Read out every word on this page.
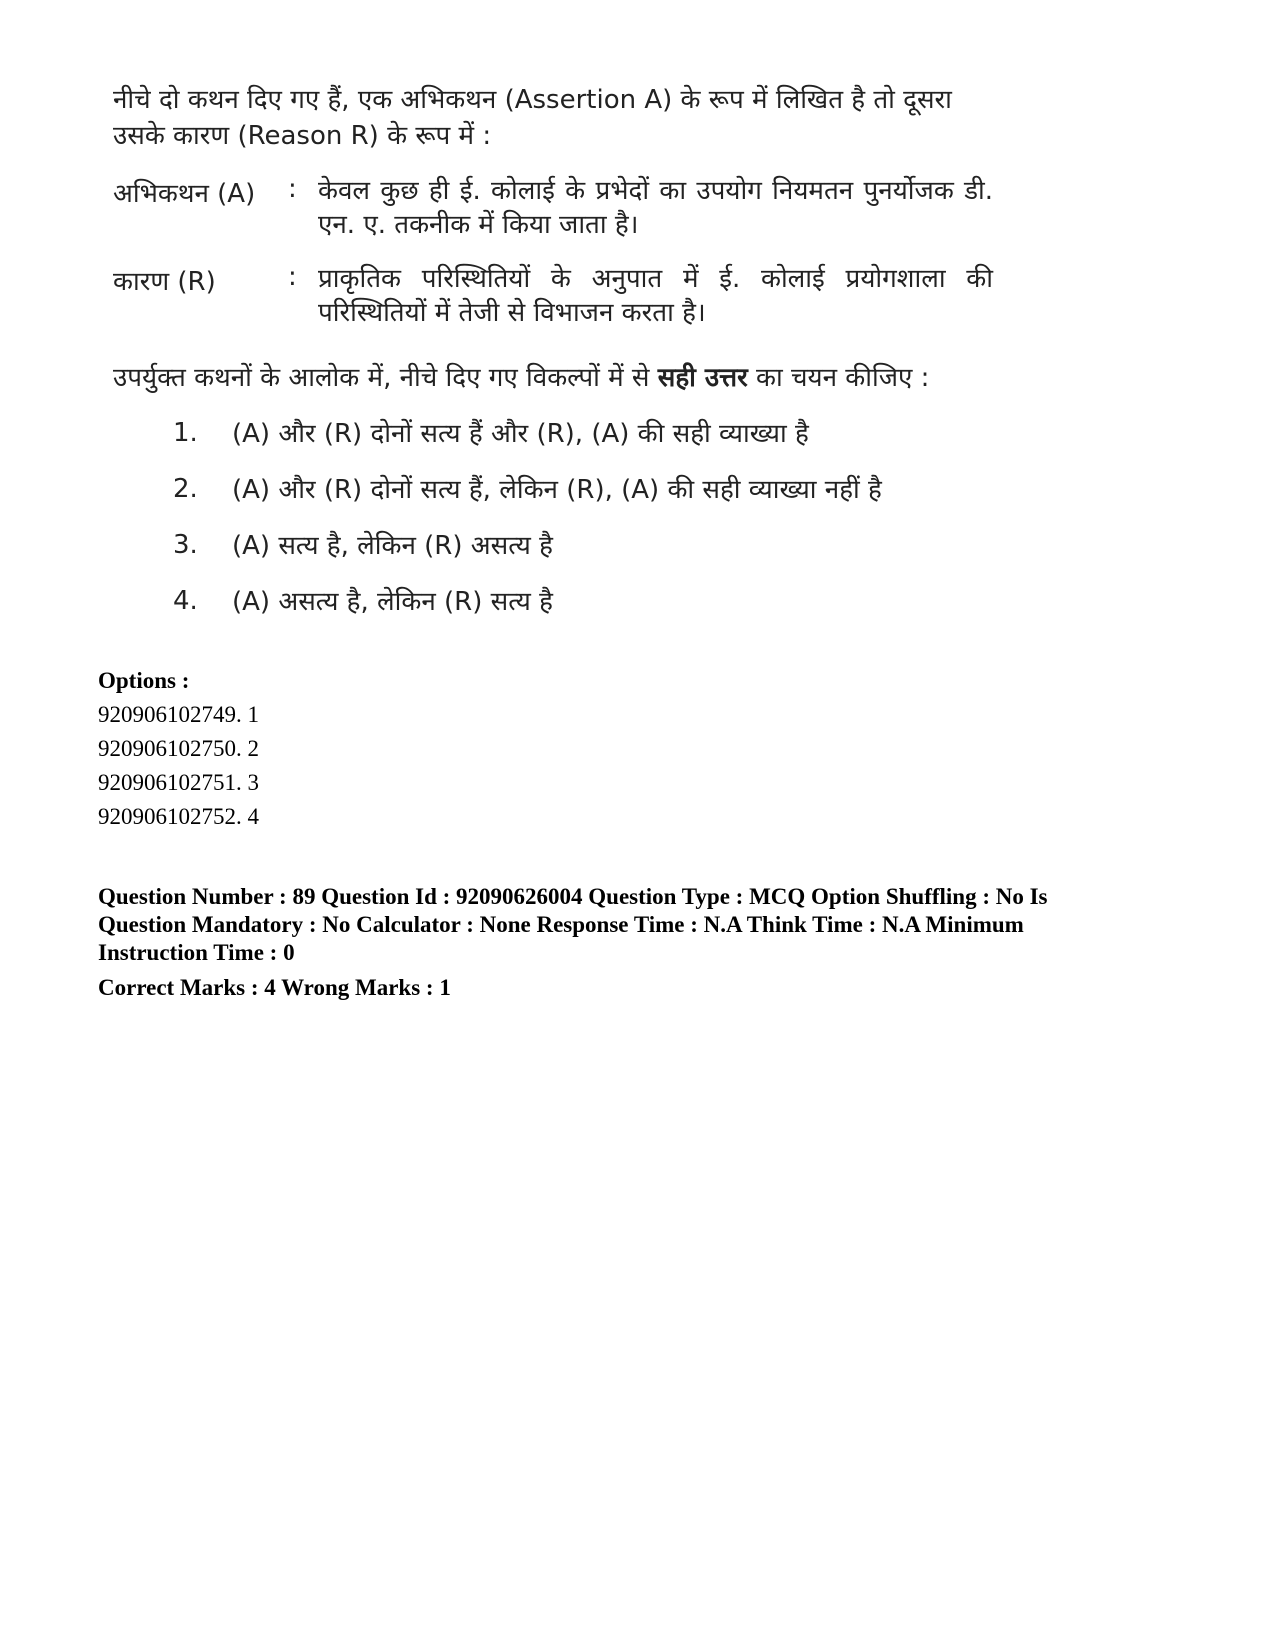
नीचे दो कथन दिए गए हैं, एक अभिकथन (Assertion A) के रूप में लिखित है तो दूसरा उसके कारण (Reason R) के रूप में :
अभिकथन (A) : केवल कुछ ही ई. कोलाई के प्रभेदों का उपयोग नियमतन पुनर्योजक डी. एन. ए. तकनीक में किया जाता है।
कारण (R)	: प्राकृतिक परिस्थितियों के अनुपात में ई. कोलाई प्रयोगशाला की परिस्थितियों में तेजी से विभाजन करता है।
उपर्युक्त कथनों के आलोक में, नीचे दिए गए विकल्पों में से सही उत्तर का चयन कीजिए :
1. (A) और (R) दोनों सत्य हैं और (R), (A) की सही व्याख्या है
2. (A) और (R) दोनों सत्य हैं, लेकिन (R), (A) की सही व्याख्या नहीं है
3. (A) सत्य है, लेकिन (R) असत्य है
4. (A) असत्य है, लेकिन (R) सत्य है
Options :
920906102749. 1
920906102750. 2
920906102751. 3
920906102752. 4
Question Number : 89 Question Id : 92090626004 Question Type : MCQ Option Shuffling : No Is
Question Mandatory : No Calculator : None Response Time : N.A Think Time : N.A Minimum
Instruction Time : 0
Correct Marks : 4 Wrong Marks : 1
